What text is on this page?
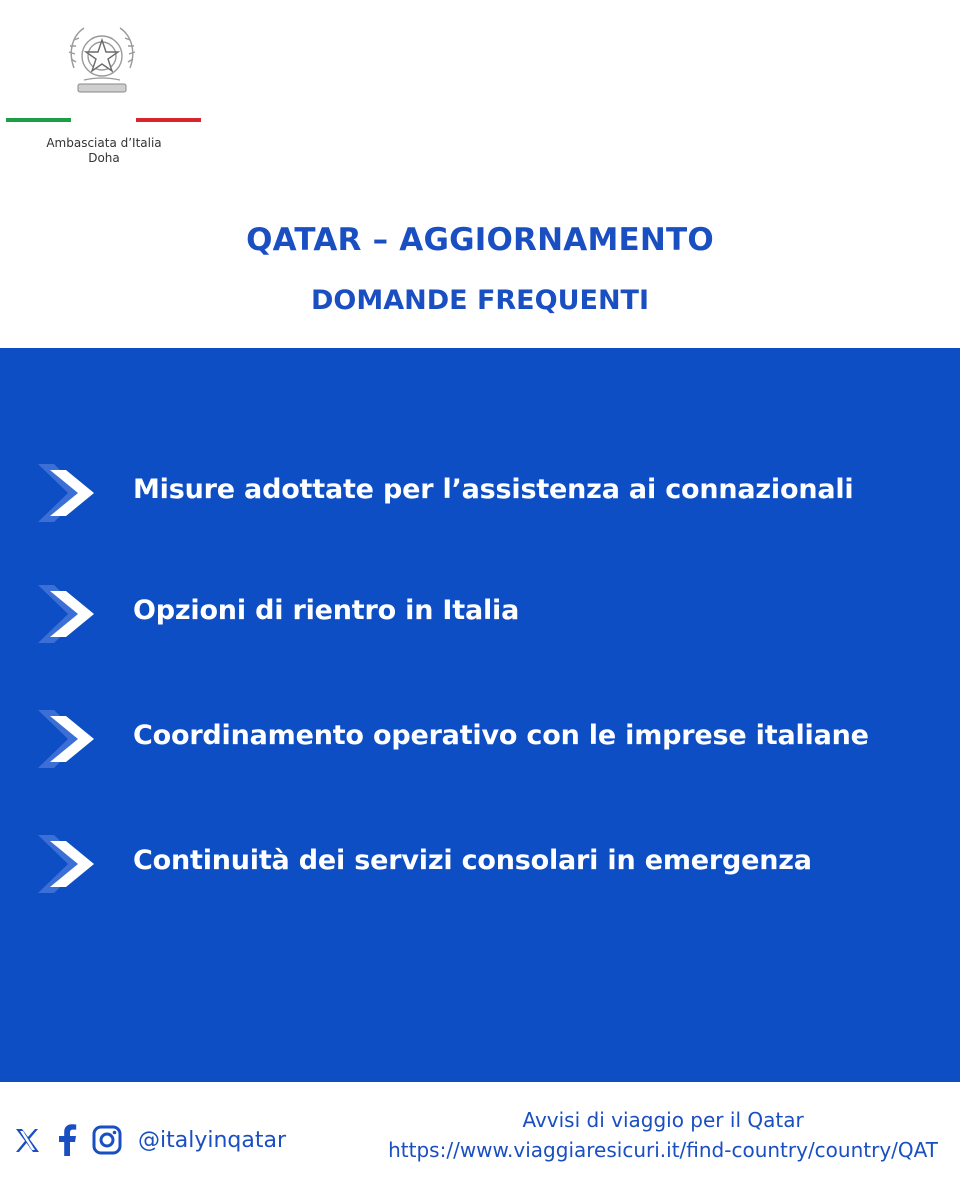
Ambasciata d’Italia
Doha
QATAR – AGGIORNAMENTO
DOMANDE FREQUENTI
Misure adottate per l’assistenza ai connazionali
Opzioni di rientro in Italia
Coordinamento operativo con le imprese italiane
Continuità dei servizi consolari in emergenza
@italyinqatar
Avvisi di viaggio per il Qatar
https://www.viaggiaresicuri.it/find-country/country/QAT
